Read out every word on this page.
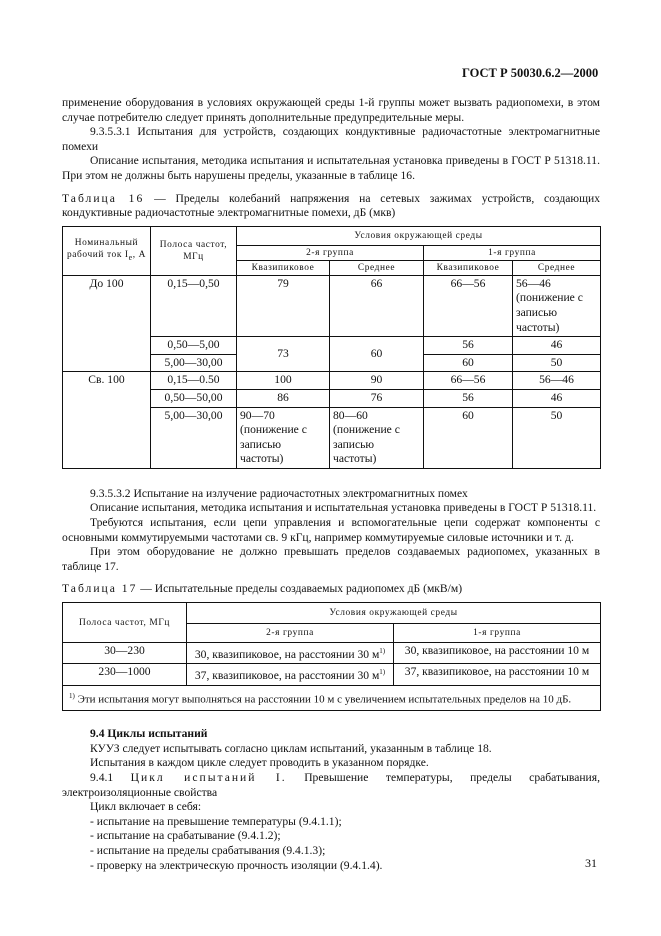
ГОСТ Р 50030.6.2—2000

применение оборудования в условиях окружающей среды 1-й группы может вызвать радиопомехи, в этом случае потребителю следует принять дополнительные предупредительные меры.

9.3.5.3.1 Испытания для устройств, создающих кондуктивные радиочастотные электромагнитные помехи

Описание испытания, методика испытания и испытательная установка приведены в ГОСТ Р 51318.11. При этом не должны быть нарушены пределы, указанные в таблице 16.

Таблица 16 — Пределы колебаний напряжения на сетевых зажимах устройств, создающих кондуктивные радиочастотные электромагнитные помехи, дБ (мкв)

Номинальный рабочий ток $I_e$, А	Полоса частот, МГц	Условия окружающей среды			
		2-я группа		1-я группа	
		Квазипиковое	Среднее	Квазипиковое	Среднее
До 100	0,15—0,50	79	66	66—56	56—46 (понижение с записью частоты)
	0,50—5,00	73	60	56	46
	5,00—30,00			60	50
Св. 100	0,15—0.50	100	90	66—56	56—46
	0,50—50,00	86	76	56	46
	5,00—30,00	90—70 (понижение с записью частоты)	80—60 (понижение с записью частоты)	60	50

9.3.5.3.2 Испытание на излучение радиочастотных электромагнитных помех

Описание испытания, методика испытания и испытательная установка приведены в ГОСТ Р 51318.11.

Требуются испытания, если цепи управления и вспомогательные цепи содержат компоненты с основными коммутируемыми частотами св. 9 кГц, например коммутируемые силовые источники и т. д.

При этом оборудование не должно превышать пределов создаваемых радиопомех, указанных в таблице 17.

Таблица 17 — Испытательные пределы создаваемых радиопомех дБ (мкВ/м)

Полоса частот, МГц	Условия окружающей среды	
	2-я группа	1-я группа
30—230	30, квазипиковое, на расстоянии 30 $м^{1)}$	30, квазипиковое, на расстоянии 10 м
230—1000	37, квазипиковое, на расстоянии 30 $м^{1)}$	37, квазипиковое, на расстоянии 10 м
$^{1)}$ Эти испытания могут выполняться на расстоянии 10 м с увеличением испытательных пределов на 10 дБ.		

9.4 Циклы испытаний

КУУЗ следует испытывать согласно циклам испытаний, указанным в таблице 18.

Испытания в каждом цикле следует проводить в указанном порядке.

9.4.1 Цикл испытаний I. Превышение температуры, пределы срабатывания, электроизоляционные свойства

Цикл включает в себя:

- испытание на превышение температуры (9.4.1.1);

- испытание на срабатывание (9.4.1.2);

- испытание на пределы срабатывания (9.4.1.3);

- проверку на электрическую прочность изоляции (9.4.1.4).	31
